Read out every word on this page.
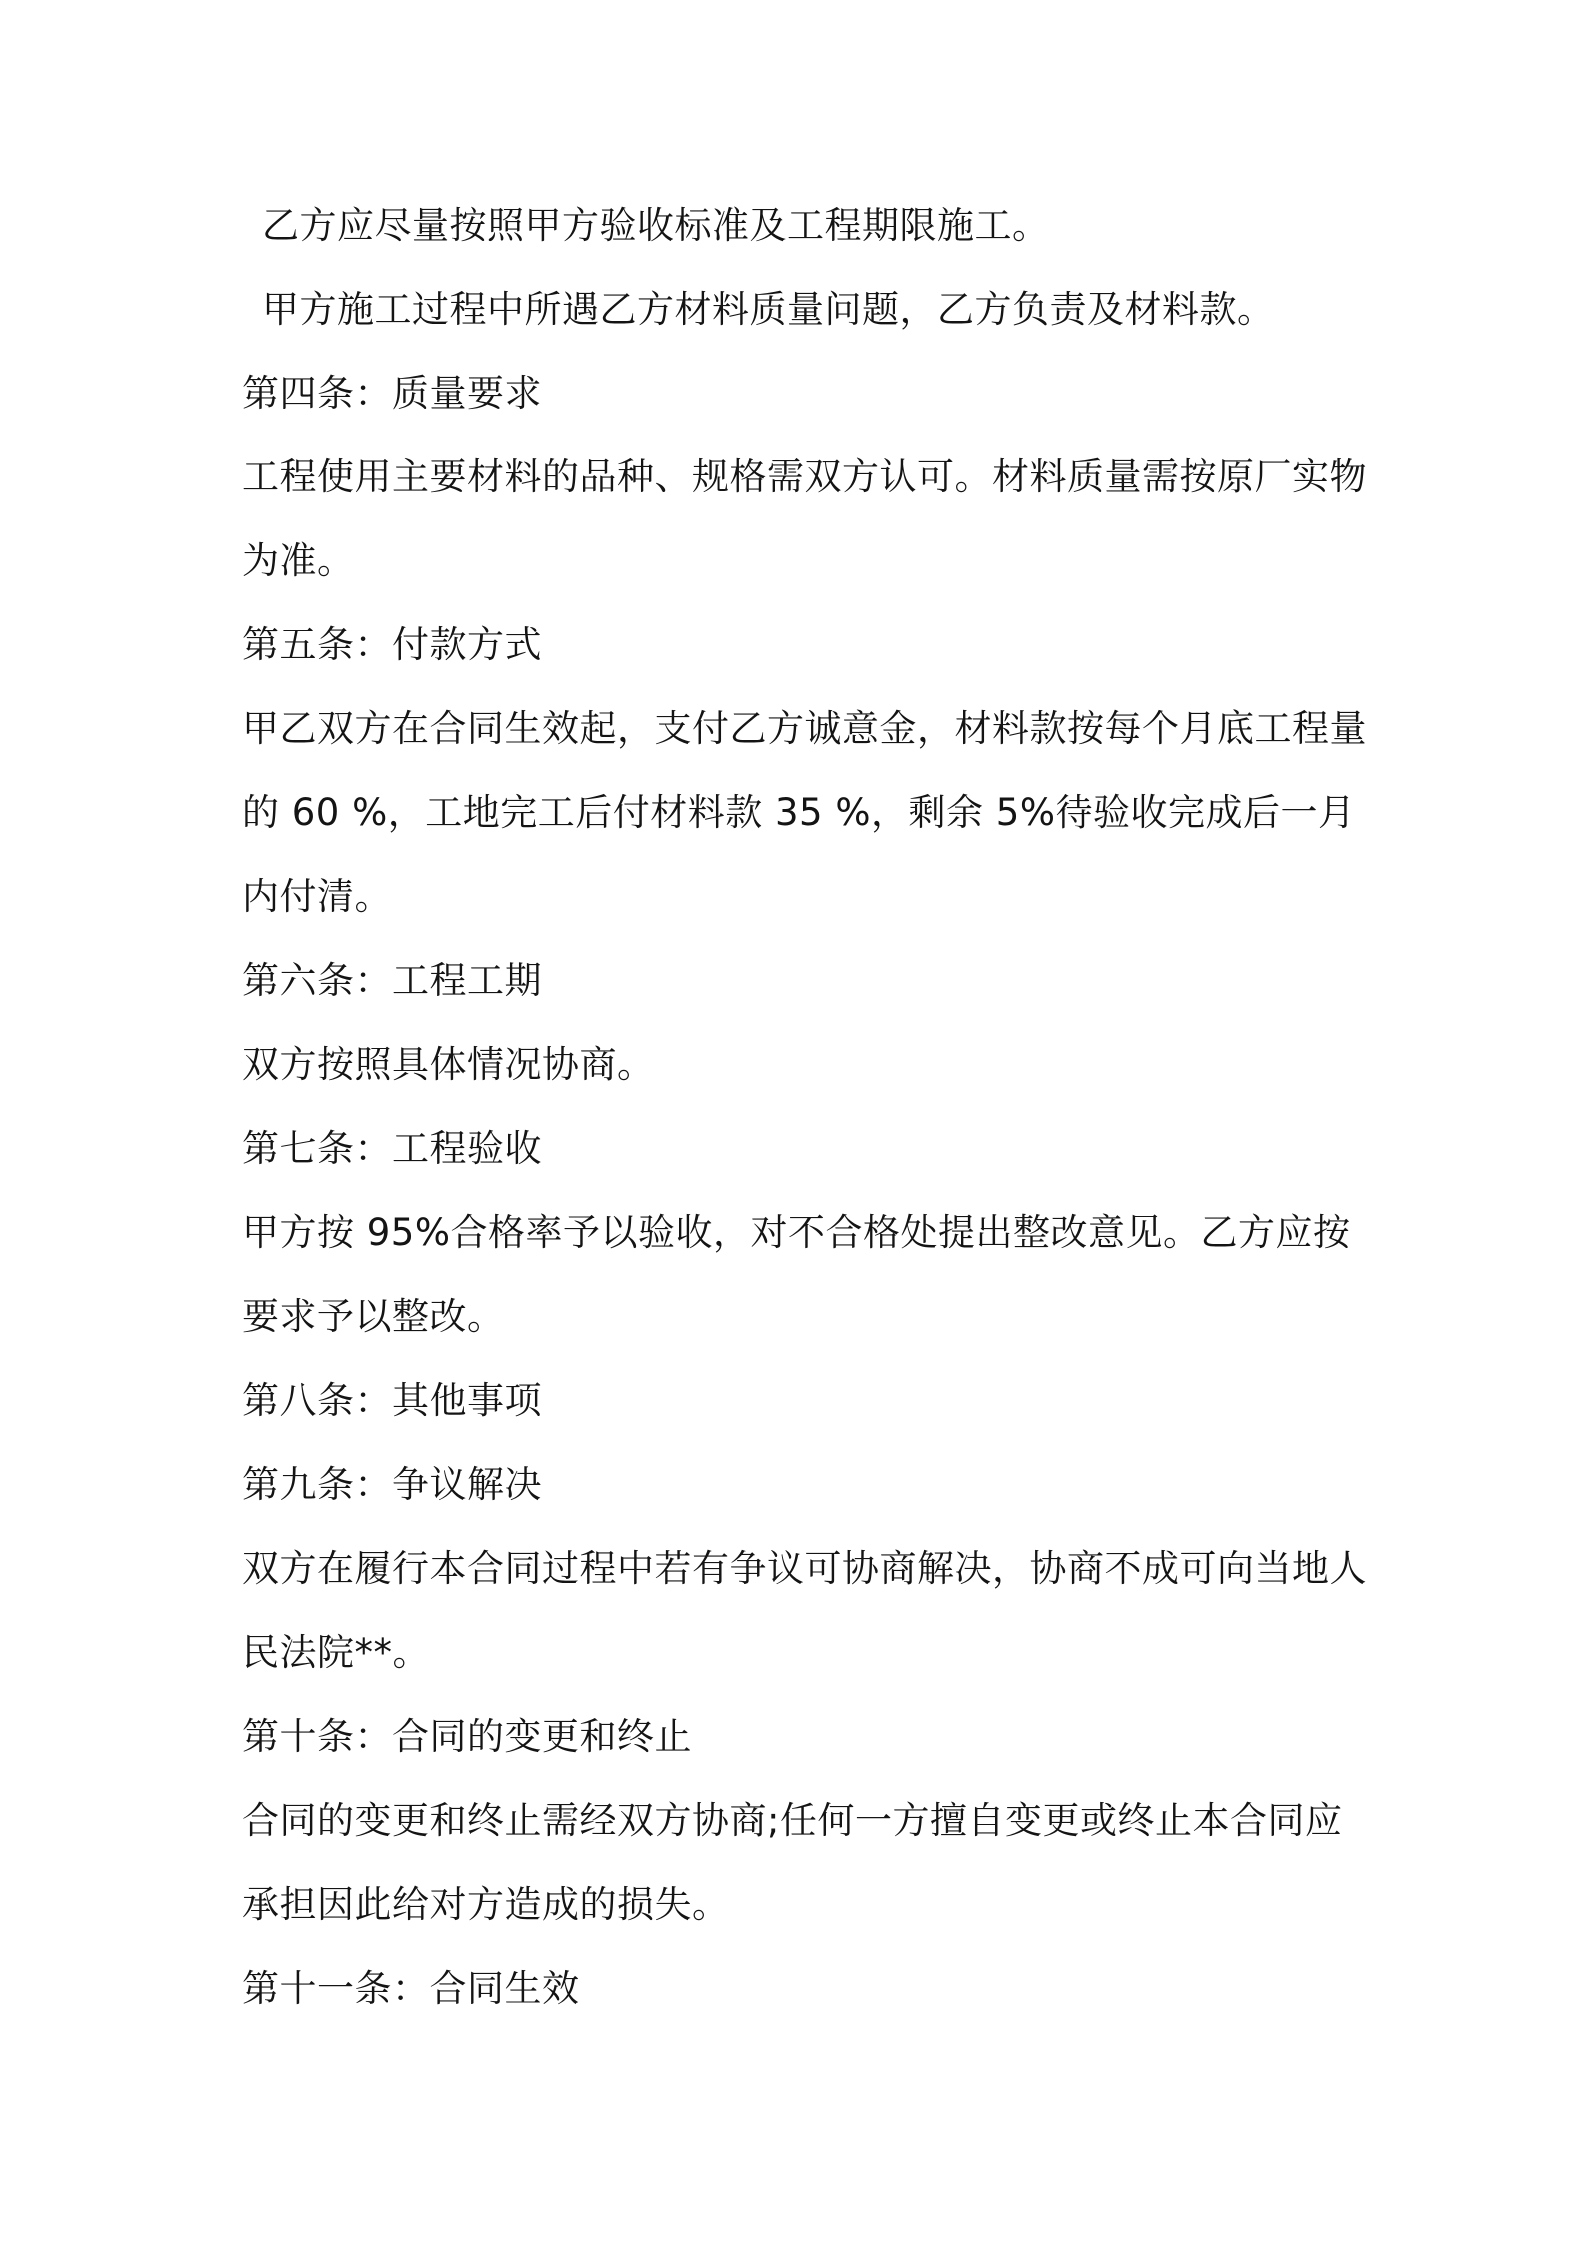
乙方应尽量按照甲方验收标准及工程期限施工。

甲方施工过程中所遇乙方材料质量问题，乙方负责及材料款。

第四条：质量要求

工程使用主要材料的品种、规格需双方认可。材料质量需按原厂实物

为准。

第五条：付款方式

甲乙双方在合同生效起，支付乙方诚意金，材料款按每个月底工程量

的 60 %，工地完工后付材料款 35 %，剩余 5%待验收完成后一月

内付清。

第六条：工程工期

双方按照具体情况协商。

第七条：工程验收

甲方按 95%合格率予以验收，对不合格处提出整改意见。乙方应按

要求予以整改。

第八条：其他事项

第九条：争议解决

双方在履行本合同过程中若有争议可协商解决，协商不成可向当地人

民法院**。

第十条：合同的变更和终止

合同的变更和终止需经双方协商;任何一方擅自变更或终止本合同应

承担因此给对方造成的损失。

第十一条：合同生效
